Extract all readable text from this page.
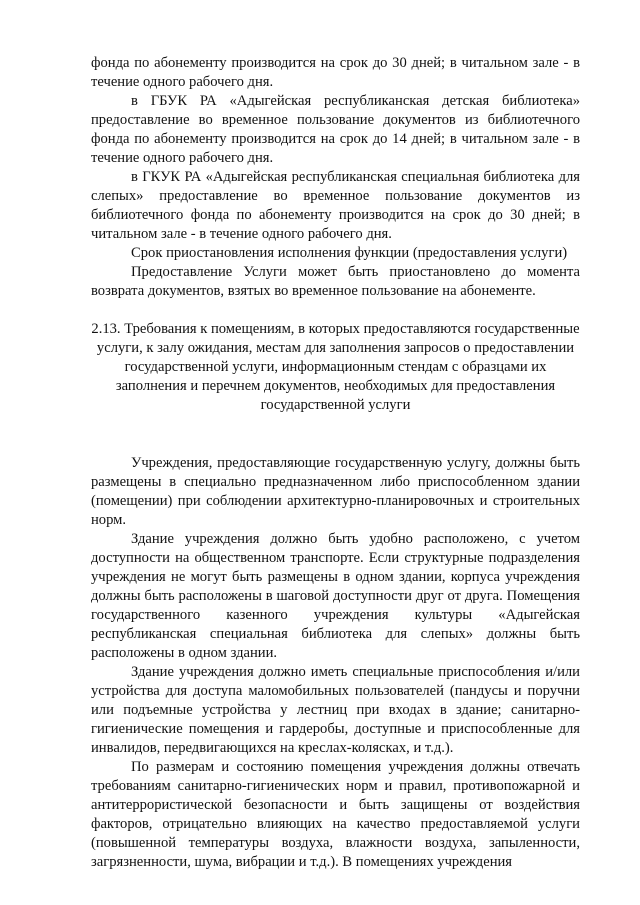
фонда по абонементу производится на срок до 30 дней; в читальном зале - в течение одного рабочего дня.

в ГБУК РА «Адыгейская республиканская детская библиотека» предоставление во временное пользование документов из библиотечного фонда по абонементу производится на срок до 14 дней; в читальном зале - в течение одного рабочего дня.

в ГКУК РА «Адыгейская республиканская специальная библиотека для слепых» предоставление во временное пользование документов из библиотечного фонда по абонементу производится на срок до 30 дней; в читальном зале - в течение одного рабочего дня.

Срок приостановления исполнения функции (предоставления услуги)

Предоставление Услуги может быть приостановлено до момента возврата документов, взятых во временное пользование на абонементе.

2.13. Требования к помещениям, в которых предоставляются государственные услуги, к залу ожидания, местам для заполнения запросов о предоставлении государственной услуги, информационным стендам с образцами их заполнения и перечнем документов, необходимых для предоставления государственной услуги

Учреждения, предоставляющие государственную услугу, должны быть размещены в специально предназначенном либо приспособленном здании (помещении) при соблюдении архитектурно-планировочных и строительных норм.

Здание учреждения должно быть удобно расположено, с учетом доступности на общественном транспорте. Если структурные подразделения учреждения не могут быть размещены в одном здании, корпуса учреждения должны быть расположены в шаговой доступности друг от друга. Помещения государственного казенного учреждения культуры «Адыгейская республиканская специальная библиотека для слепых» должны быть расположены в одном здании.

Здание учреждения должно иметь специальные приспособления и/или устройства для доступа маломобильных пользователей (пандусы и поручни или подъемные устройства у лестниц при входах в здание; санитарно-гигиенические помещения и гардеробы, доступные и приспособленные для инвалидов, передвигающихся на креслах-колясках, и т.д.).

По размерам и состоянию помещения учреждения должны отвечать требованиям санитарно-гигиенических норм и правил, противопожарной и антитеррористической безопасности и быть защищены от воздействия факторов, отрицательно влияющих на качество предоставляемой услуги (повышенной температуры воздуха, влажности воздуха, запыленности, загрязненности, шума, вибрации и т.д.). В помещениях учреждения
